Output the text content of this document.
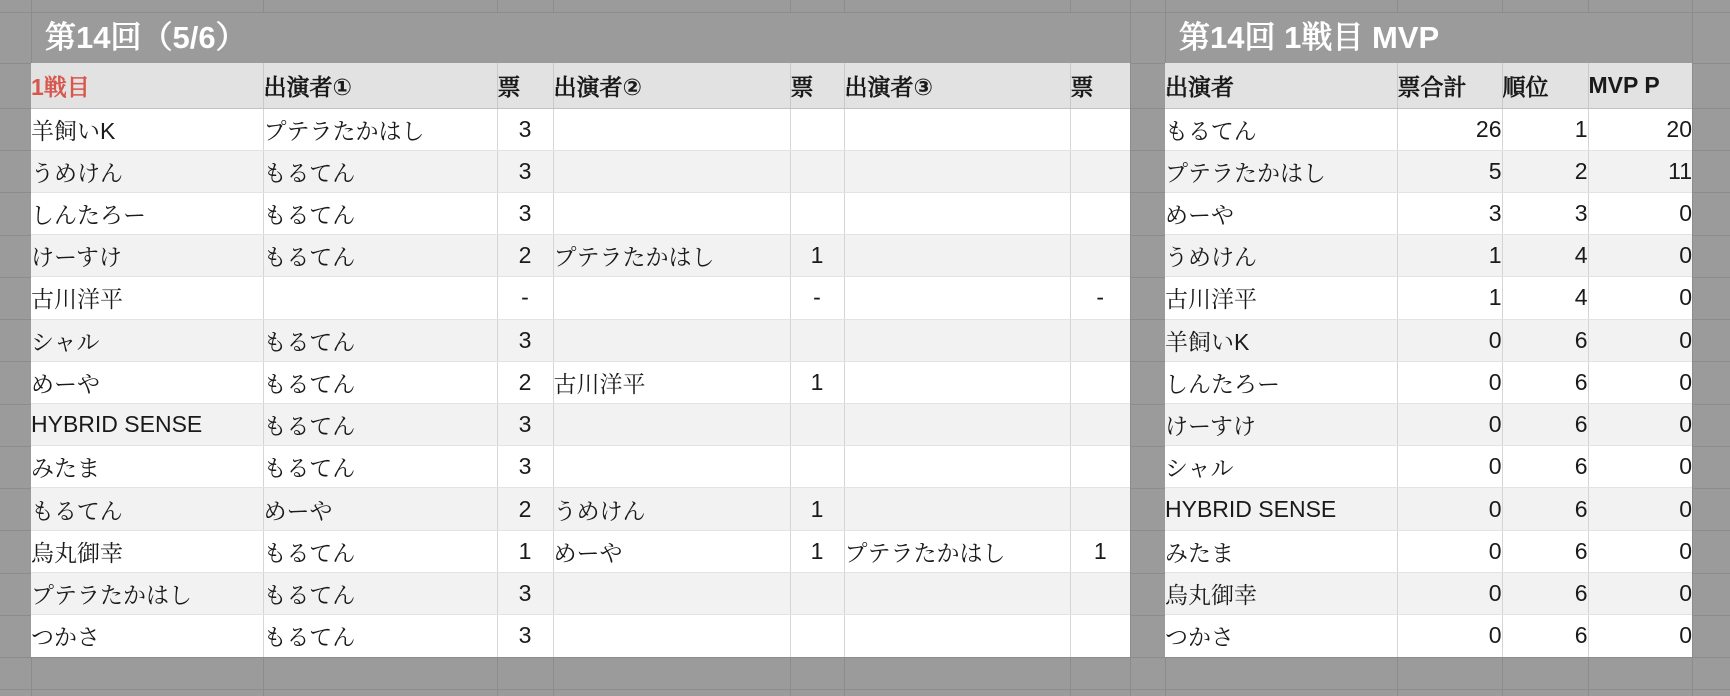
第14回（5/6）	第14回 1戦目 MVP
1戦目	出演者①	票	出演者②	票	出演者③	票
羊飼いK	プテラたかはし	3				
うめけん	もるてん	3				
しんたろー	もるてん	3				
けーすけ	もるてん	2	プテラたかはし	1		
古川洋平		-		-		-
シャル	もるてん	3				
めーや	もるてん	2	古川洋平	1		
HYBRID SENSE	もるてん	3				
みたま	もるてん	3				
もるてん	めーや	2	うめけん	1		
烏丸御幸	もるてん	1	めーや	1	プテラたかはし	1
プテラたかはし	もるてん	3				
つかさ	もるてん	3				
出演者	票合計	順位	MVP P
もるてん	26	1	20
プテラたかはし	5	2	11
めーや	3	3	0
うめけん	1	4	0
古川洋平	1	4	0
羊飼いK	0	6	0
しんたろー	0	6	0
けーすけ	0	6	0
シャル	0	6	0
HYBRID SENSE	0	6	0
みたま	0	6	0
烏丸御幸	0	6	0
つかさ	0	6	0
